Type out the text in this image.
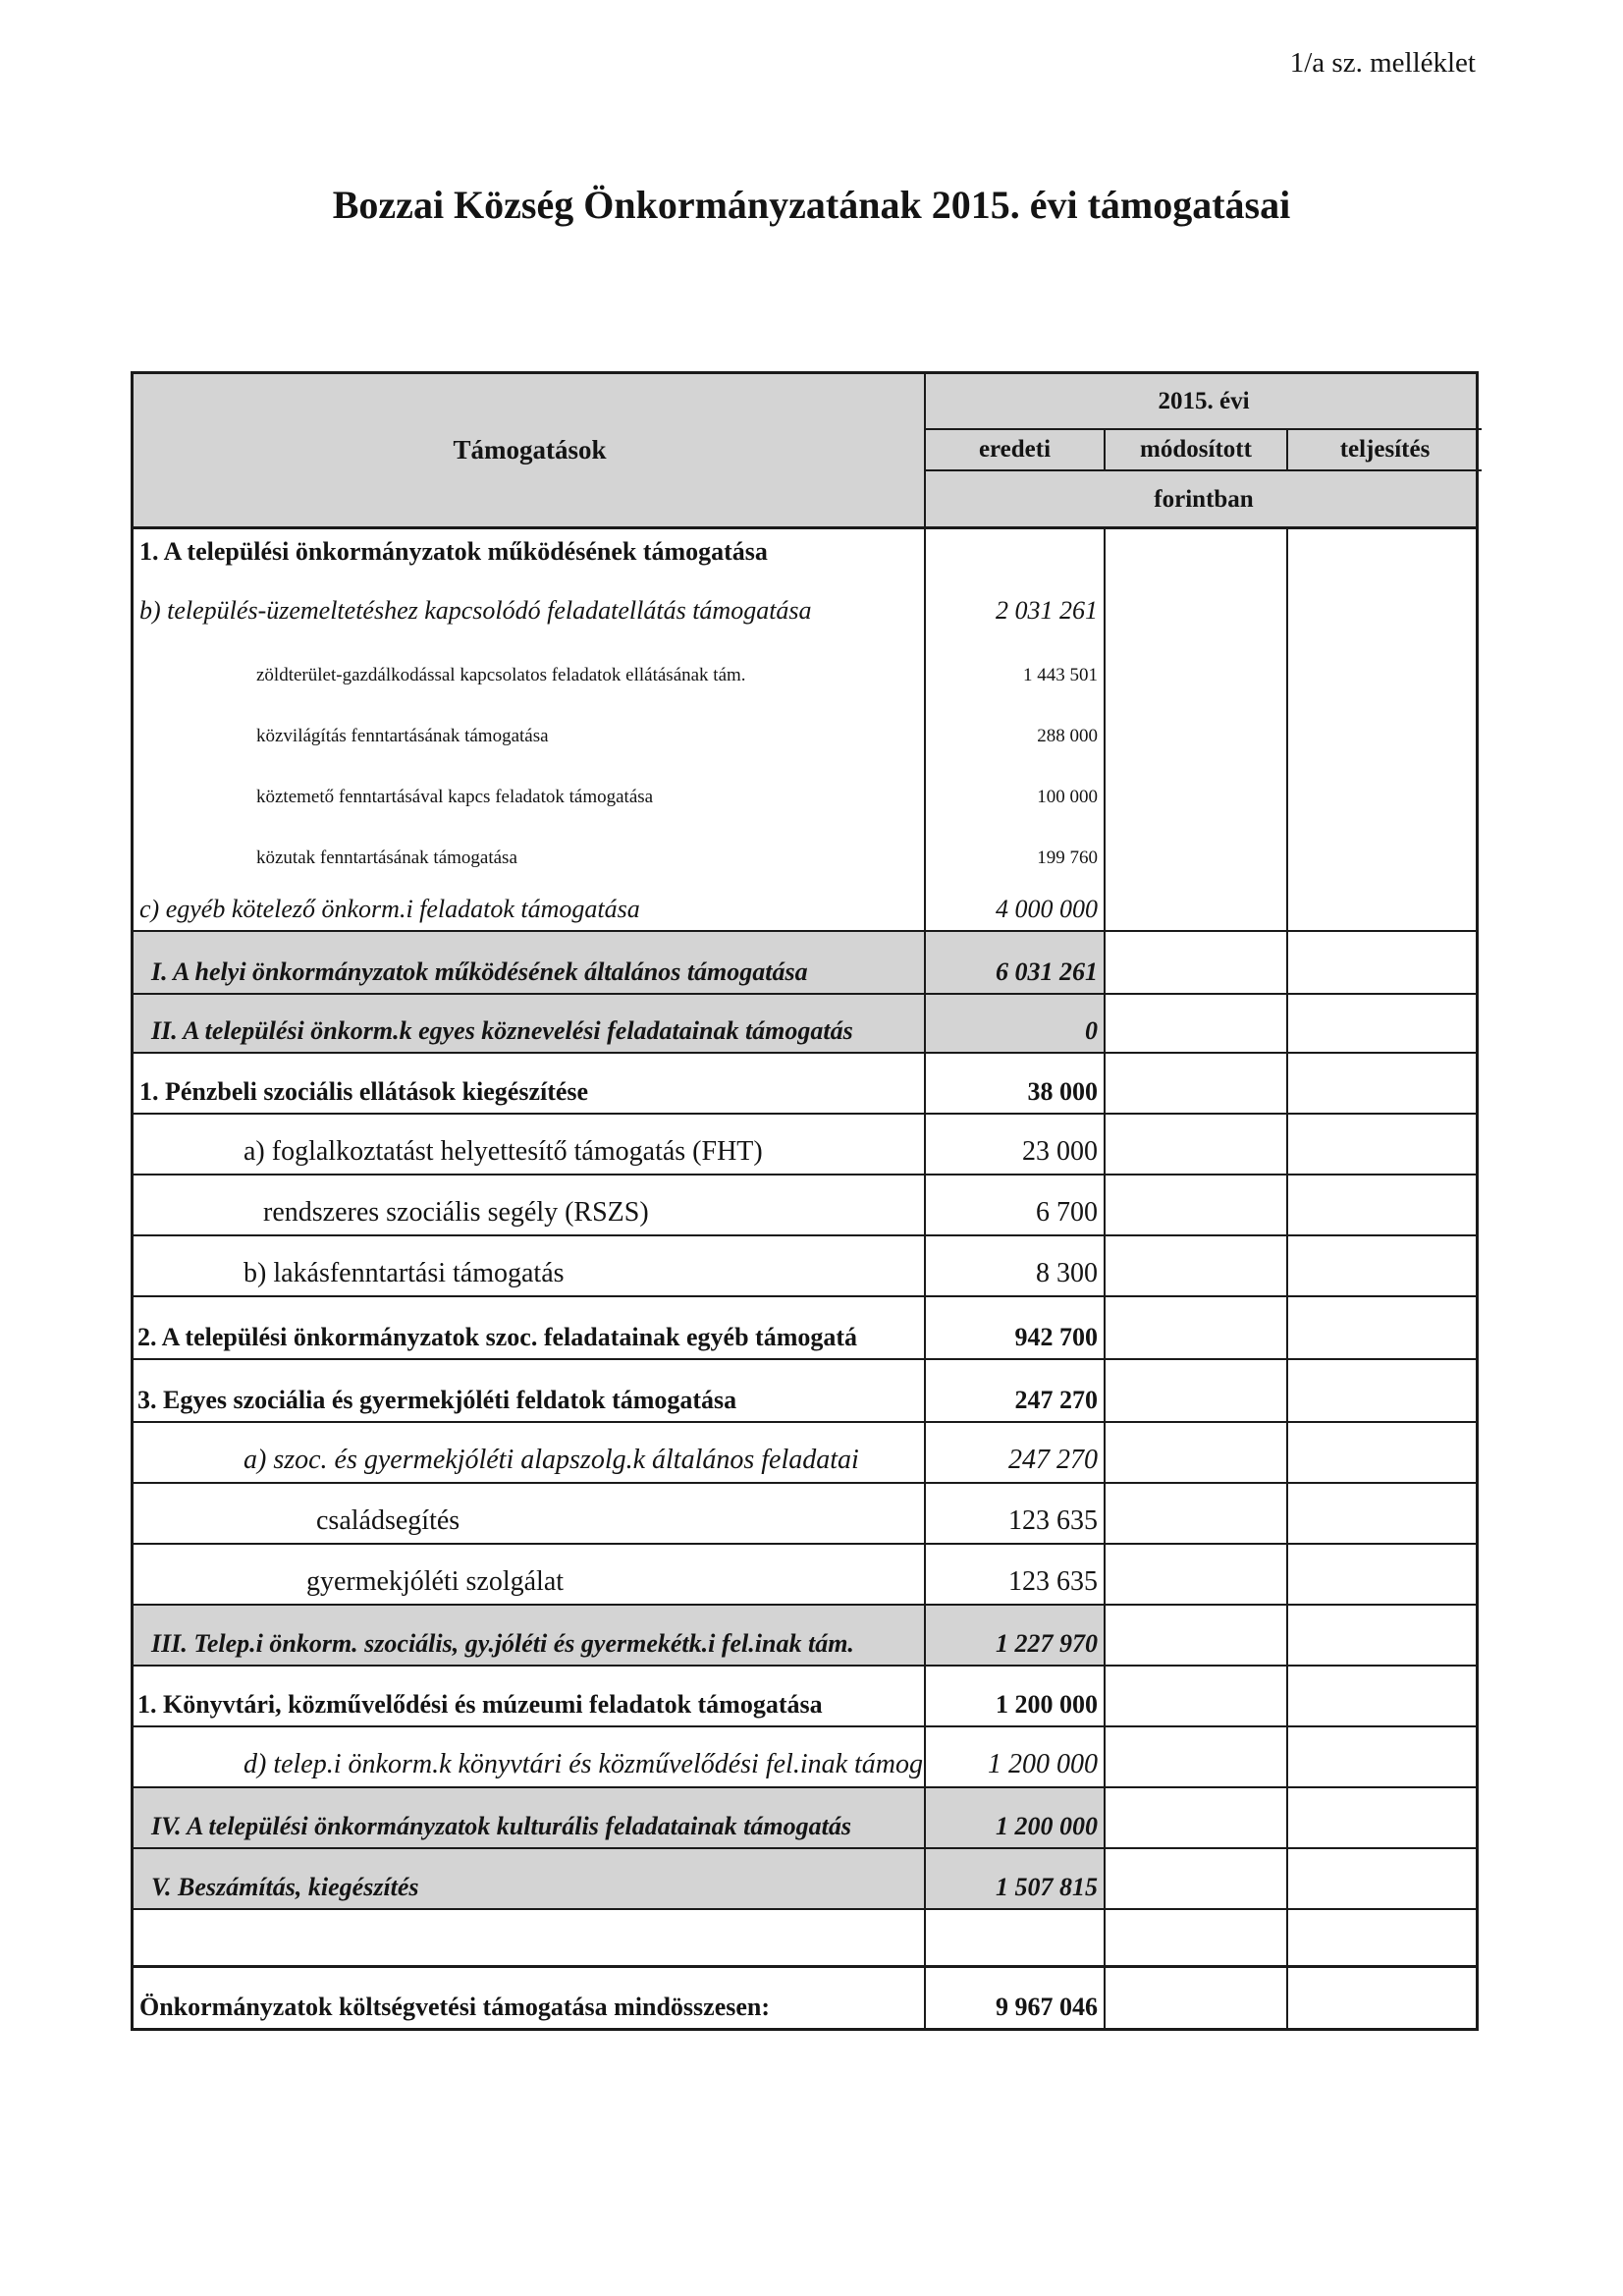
1/a sz. melléklet
Bozzai Község Önkormányzatának 2015. évi támogatásai
Támogatások
2015. évi
eredeti	módosított	teljesítés
forintban
1. A települési önkormányzatok működésének támogatása
b) település-üzemeltetéshez kapcsolódó feladatellátás támogatása	2 031 261
zöldterület-gazdálkodással kapcsolatos feladatok ellátásának tám.	1 443 501
közvilágítás fenntartásának támogatása	288 000
köztemető fenntartásával kapcs feladatok támogatása	100 000
közutak fenntartásának támogatása	199 760
c) egyéb kötelező önkorm.i feladatok támogatása	4 000 000
I. A helyi önkormányzatok működésének általános támogatása	6 031 261
II. A települési önkorm.k egyes köznevelési feladatainak támogatás	0
1. Pénzbeli szociális ellátások kiegészítése	38 000
a) foglalkoztatást helyettesítő támogatás (FHT)	23 000
rendszeres szociális segély (RSZS)	6 700
b) lakásfenntartási támogatás	8 300
2. A települési önkormányzatok szoc. feladatainak egyéb támogatá	942 700
3. Egyes szociália és gyermekjóléti feldatok támogatása	247 270
a) szoc. és gyermekjóléti alapszolg.k általános feladatai	247 270
családsegítés	123 635
gyermekjóléti szolgálat	123 635
III. Telep.i önkorm. szociális, gy.jóléti és gyermekétk.i fel.inak tám.	1 227 970
1. Könyvtári, közművelődési és múzeumi feladatok támogatása	1 200 000
d) telep.i önkorm.k könyvtári és közművelődési fel.inak támog	1 200 000
IV. A települési önkormányzatok kulturális feladatainak támogatás	1 200 000
V. Beszámítás, kiegészítés	1 507 815
Önkormányzatok költségvetési támogatása mindösszesen:	9 967 046
